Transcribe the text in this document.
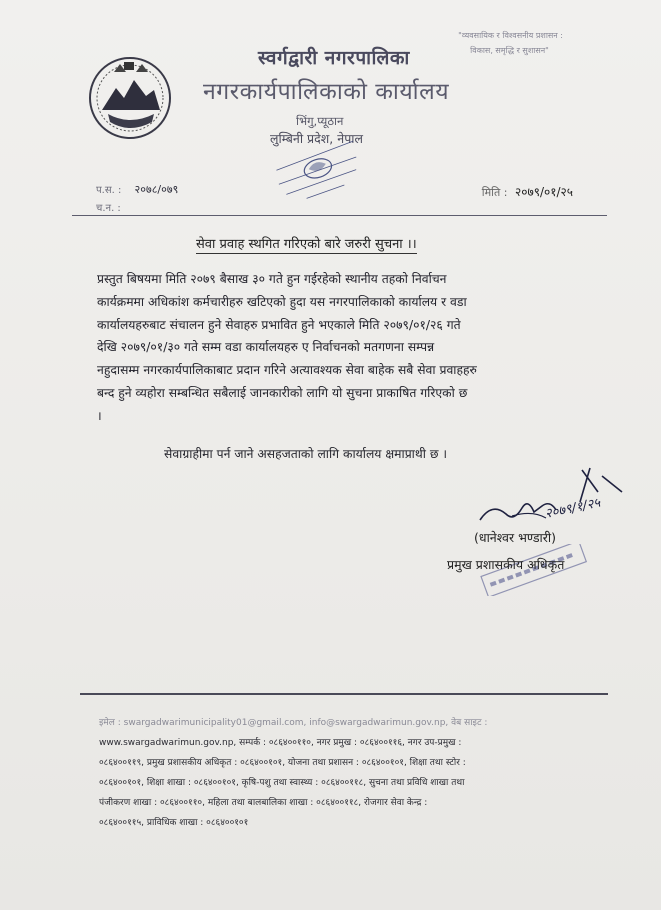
"व्यवसायिक र विश्वसनीय प्रशासन :
विकास, समृद्धि र सुशासन"
स्वर्गद्वारी नगरपालिका
नगरकार्यपालिकाको कार्यालय
भिंगु,प्यूठान
लुम्बिनी प्रदेश, नेपाल
प.स. : २०७८/०७९
च.न. :
मिति : २०७९/०१/२५
सेवा प्रवाह स्थगित गरिएको बारे जरुरी सुचना ।।
प्रस्तुत बिषयमा मिति २०७९ बैसाख ३० गते हुन गईरहेको स्थानीय तहको निर्वाचन
कार्यक्रममा अधिकांश कर्मचारीहरु खटिएको हुदा यस नगरपालिकाको कार्यालय र वडा
कार्यालयहरुबाट संचालन हुने सेवाहरु प्रभावित हुने भएकाले मिति २०७९/०१/२६ गते
देखि २०७९/०१/३० गते सम्म वडा कार्यालयहरु ए निर्वाचनको मतगणना सम्पन्न
नहुदासम्म नगरकार्यपालिकाबाट प्रदान गरिने अत्यावश्यक सेवा बाहेक सबै सेवा प्रवाहहरु
बन्द हुने व्यहोरा सम्बन्धित सबैलाई जानकारीको लागि यो सुचना प्राकाषित गरिएको छ
।
सेवाग्राहीमा पर्न जाने असहजताको लागि कार्यालय क्षमाप्राथी छ ।
२०७९/१/२५
(धानेश्वर भण्डारी)
प्रमुख प्रशासकीय अधिकृत
इमेल : swargadwarimunicipality01@gmail.com, info@swargadwarimun.gov.np, वेब साइट :
www.swargadwarimun.gov.np, सम्पर्क : ०८६४००११०, नगर प्रमुख : ०८६४००११६, नगर उप-प्रमुख :
०८६४००११९, प्रमुख प्रशासकीय अधिकृत : ०८६४००१०१, योजना तथा प्रशासन : ०८६४००१०१, शिक्षा तथा स्टोर :
०८६४००१०१, शिक्षा शाखा : ०८६४००१०१, कृषि-पशु तथा स्वास्थ्य : ०८६४००११८, सुचना तथा प्रविधि शाखा तथा
पंजीकरण शाखा : ०८६४००११०, महिला तथा बालबालिका शाखा : ०८६४००११८, रोजगार सेवा केन्द्र :
०८६४००११५, प्राविधिक शाखा : ०८६४००१०१
